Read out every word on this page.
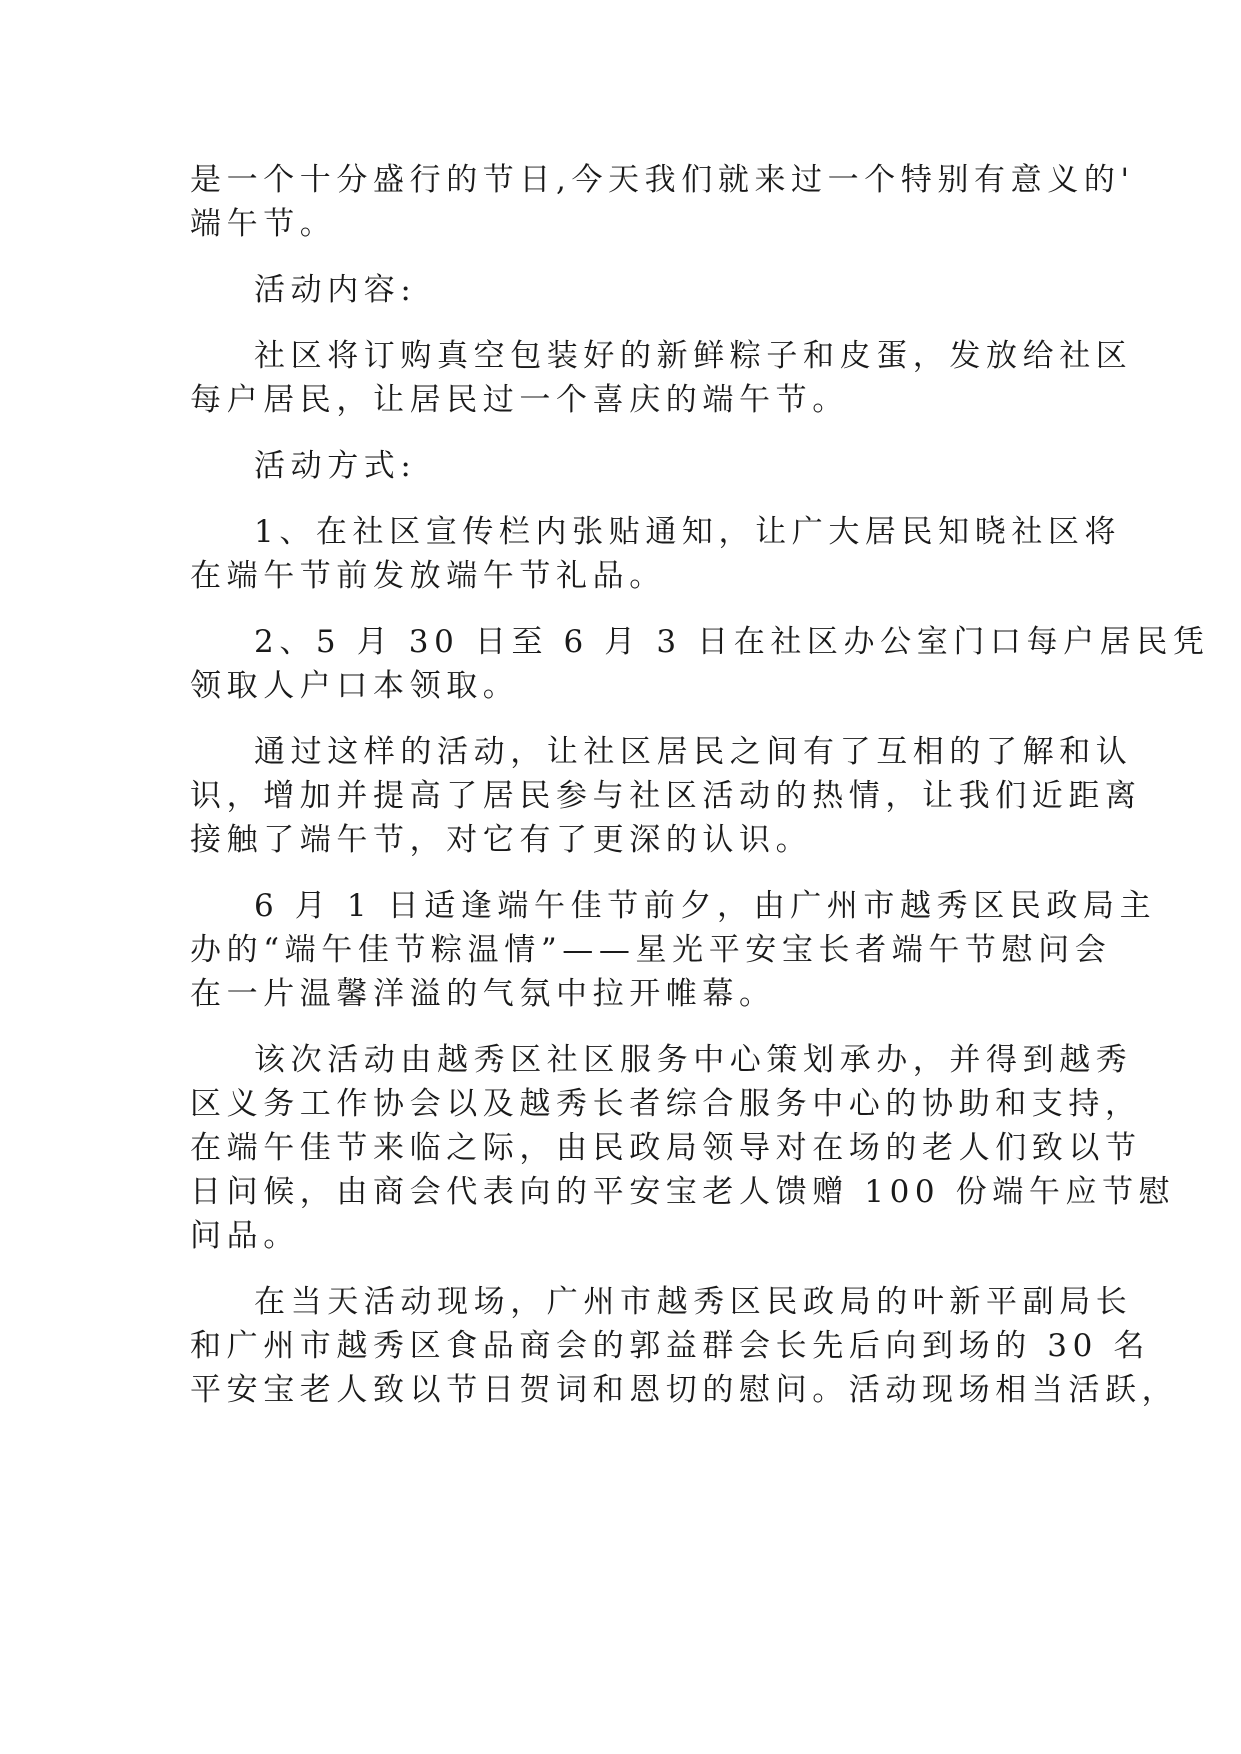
是一个十分盛行的节日,今天我们就来过一个特别有意义的'
端午节。
活动内容:
社区将订购真空包装好的新鲜粽子和皮蛋，发放给社区
每户居民，让居民过一个喜庆的端午节。
活动方式:
1、在社区宣传栏内张贴通知，让广大居民知晓社区将
在端午节前发放端午节礼品。
2、5 月 30 日至 6 月 3 日在社区办公室门口每户居民凭
领取人户口本领取。
通过这样的活动，让社区居民之间有了互相的了解和认
识，增加并提高了居民参与社区活动的热情，让我们近距离
接触了端午节，对它有了更深的认识。
6 月 1 日适逢端午佳节前夕，由广州市越秀区民政局主
办的“端午佳节粽温情”——星光平安宝长者端午节慰问会
在一片温馨洋溢的气氛中拉开帷幕。
该次活动由越秀区社区服务中心策划承办，并得到越秀
区义务工作协会以及越秀长者综合服务中心的协助和支持，
在端午佳节来临之际，由民政局领导对在场的老人们致以节
日问候，由商会代表向的平安宝老人馈赠 100 份端午应节慰
问品。
在当天活动现场，广州市越秀区民政局的叶新平副局长
和广州市越秀区食品商会的郭益群会长先后向到场的 30 名
平安宝老人致以节日贺词和恩切的慰问。活动现场相当活跃，
